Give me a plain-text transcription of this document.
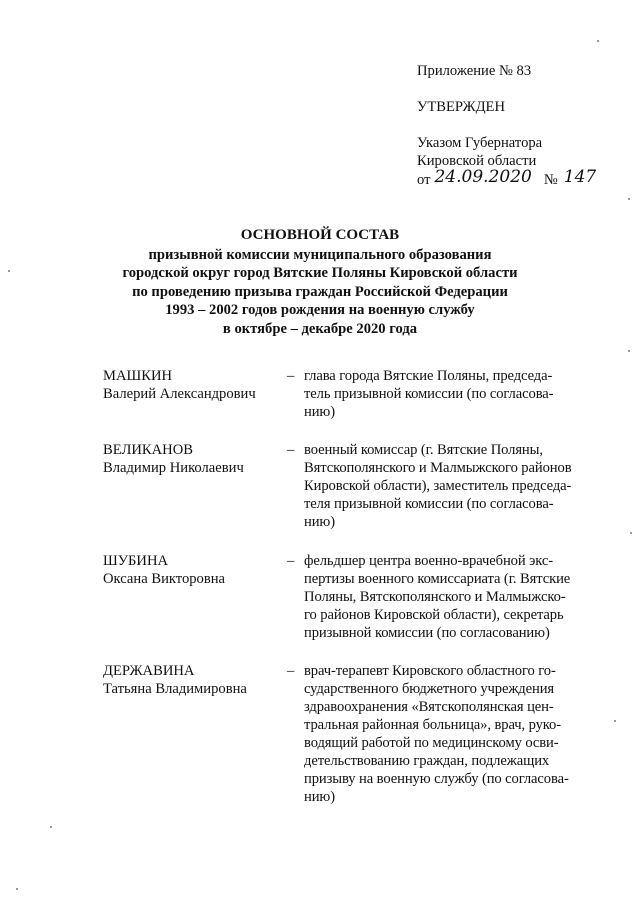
Приложение № 83
УТВЕРЖДЕН
Указом Губернатора
Кировской области
от 24.09.2020 № 147
ОСНОВНОЙ СОСТАВ
призывной комиссии муниципального образования
городской округ город Вятские Поляны Кировской области
по проведению призыва граждан Российской Федерации
1993 – 2002 годов рождения на военную службу
в октябре – декабре 2020 года
МАШКИН
Валерий Александрович
– глава города Вятские Поляны, председа-
тель призывной комиссии (по согласова-
нию)
ВЕЛИКАНОВ
Владимир Николаевич
– военный комиссар (г. Вятские Поляны,
Вятскополянского и Малмыжского районов
Кировской области), заместитель председа-
теля призывной комиссии (по согласова-
нию)
ШУБИНА
Оксана Викторовна
– фельдшер центра военно-врачебной экс-
пертизы военного комиссариата (г. Вятские
Поляны, Вятскополянского и Малмыжско-
го районов Кировской области), секретарь
призывной комиссии (по согласованию)
ДЕРЖАВИНА
Татьяна Владимировна
– врач-терапевт Кировского областного го-
сударственного бюджетного учреждения
здравоохранения «Вятскополянская цен-
тральная районная больница», врач, руко-
водящий работой по медицинскому осви-
детельствованию граждан, подлежащих
призыву на военную службу (по согласова-
нию)
